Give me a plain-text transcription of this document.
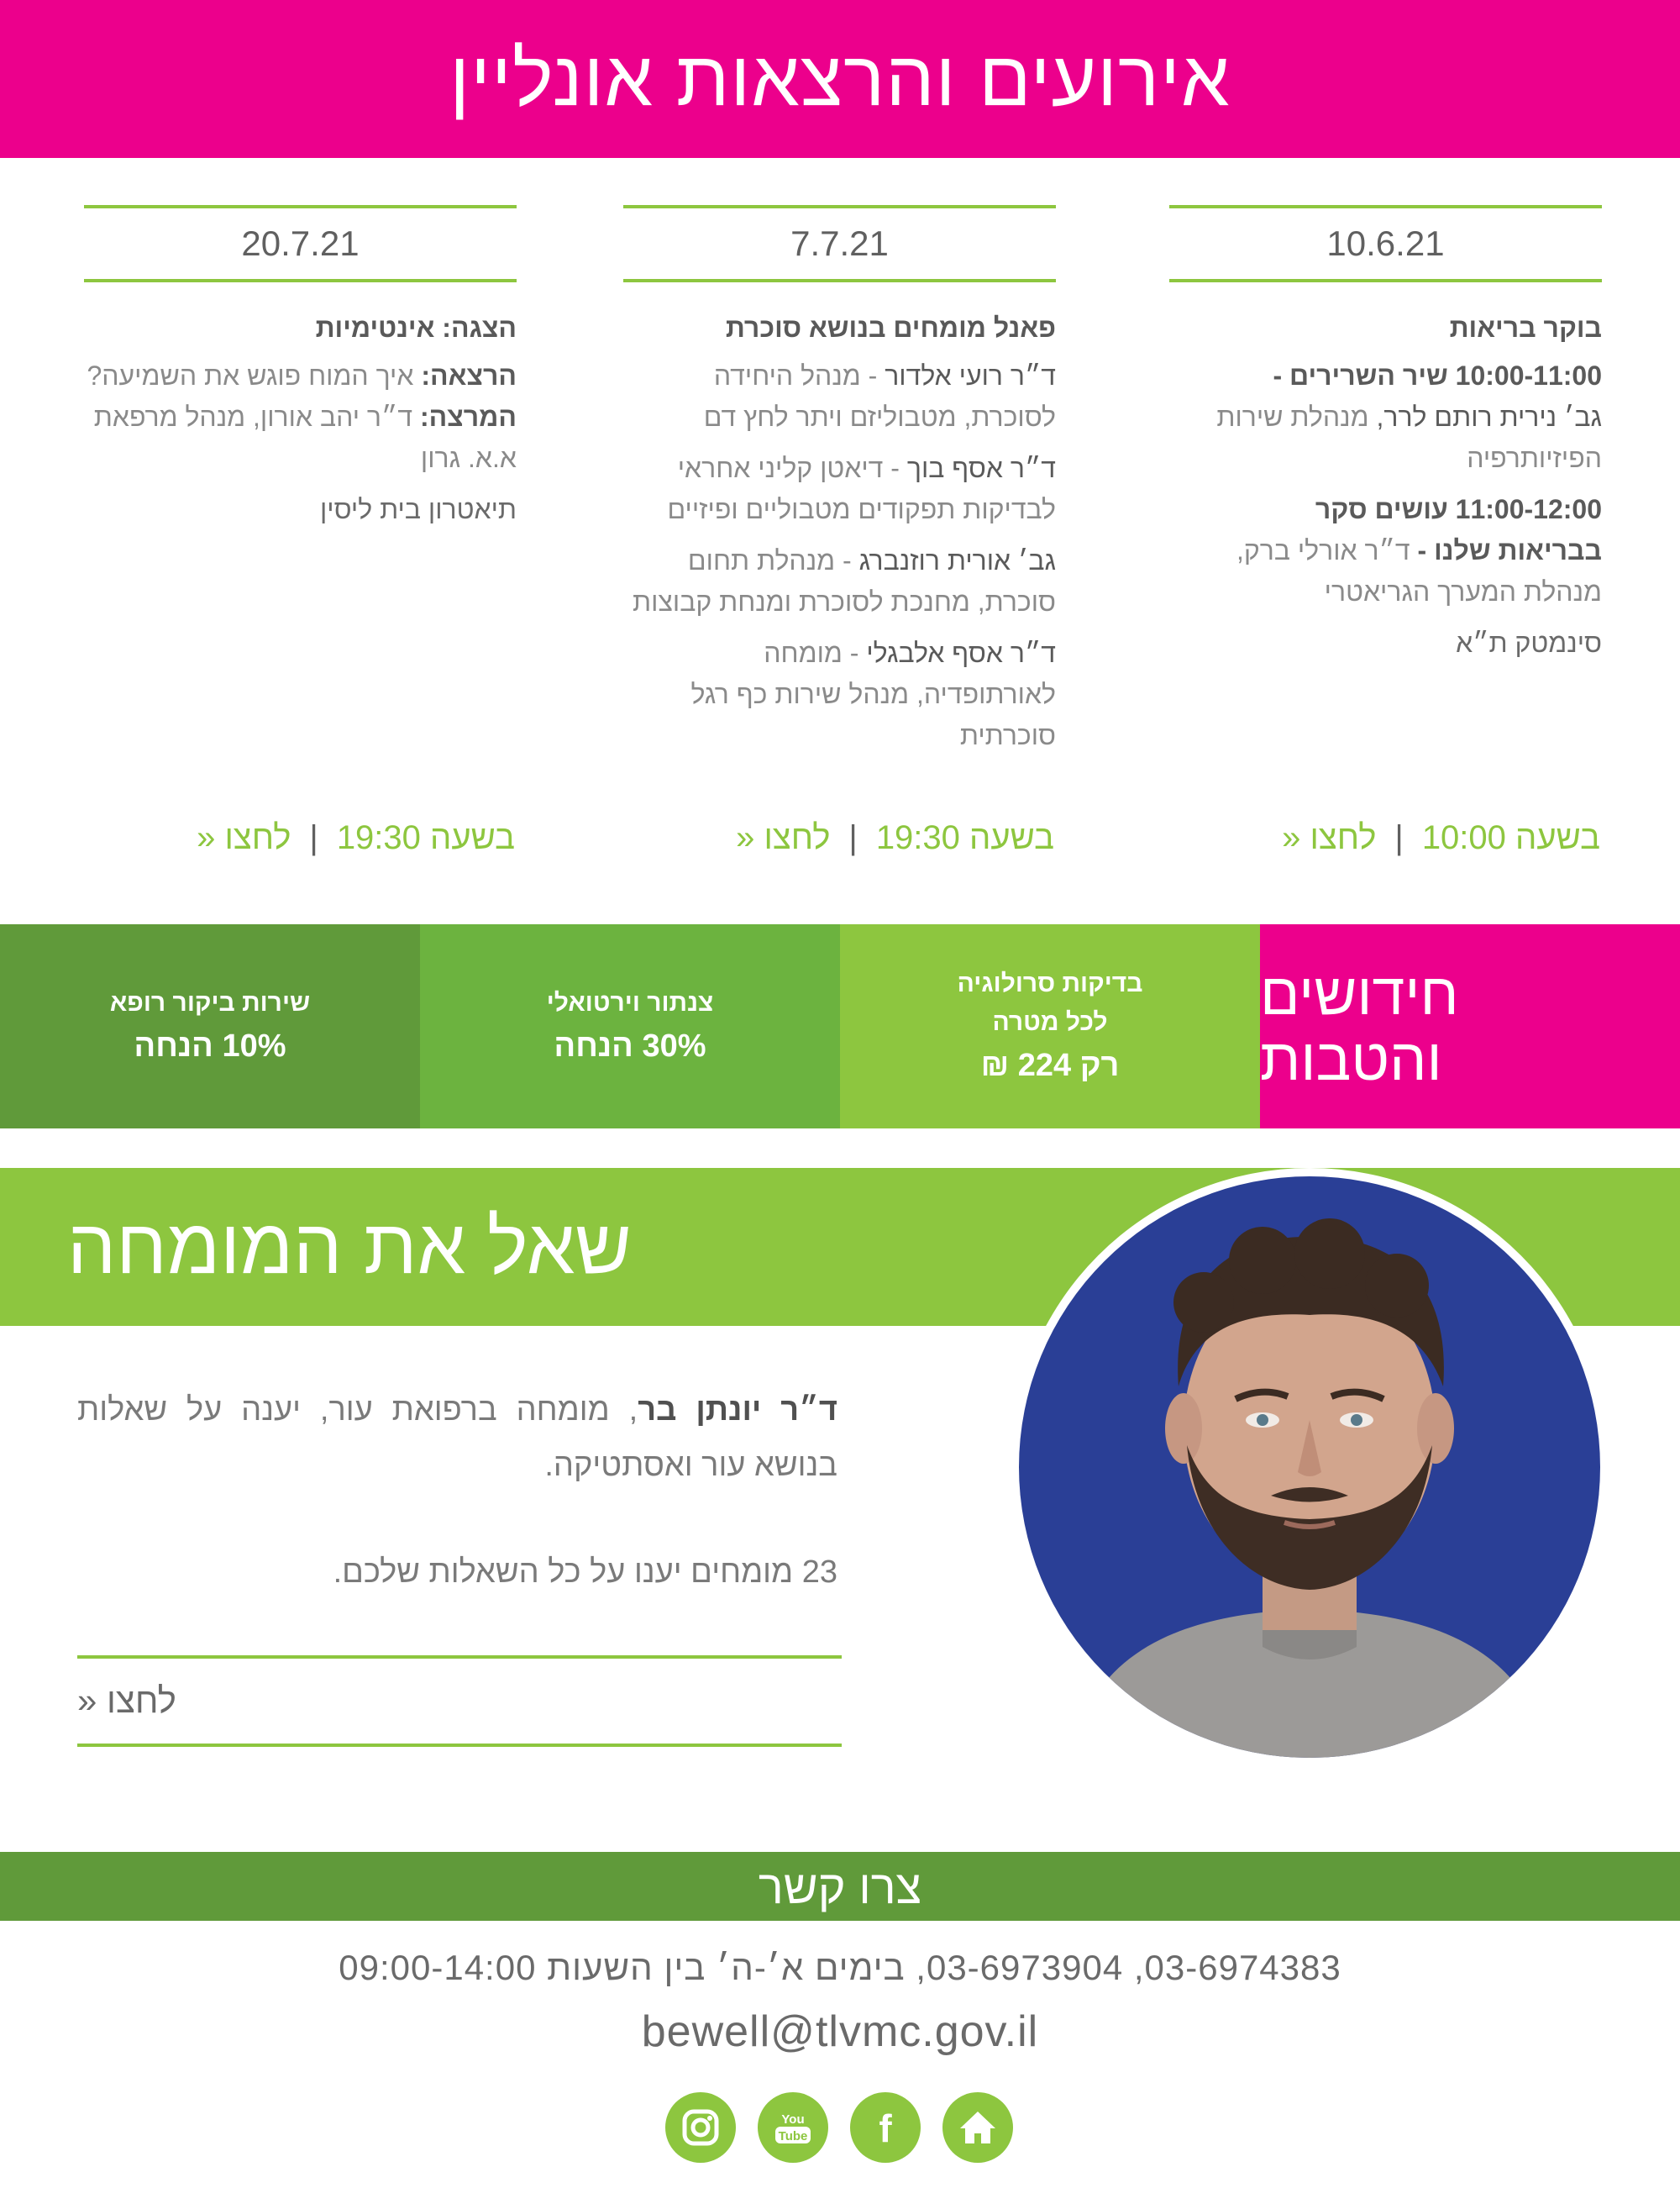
אירועים והרצאות אונליין
10.6.21
בוקר בריאות
10:00-11:00 שיר השרירים -
גב׳ נירית רותם לרר, מנהלת שירות הפיזיותרפיה
11:00-12:00 עושים סקר
בבריאות שלנו - ד״ר אורלי ברק, מנהלת המערך הגריאטרי
סינמטק ת״א
7.7.21
פאנל מומחים בנושא סוכרת
ד״ר רועי אלדור - מנהל היחידה לסוכרת, מטבוליזם ויתר לחץ דם
ד״ר אסף בוך - דיאטן קליני אחראי לבדיקות תפקודים מטבוליים ופיזיים
גב׳ אורית רוזנברג - מנהלת תחום סוכרת, מחנכת לסוכרת ומנחת קבוצות
ד״ר אסף אלבגלי - מומחה לאורתופדיה, מנהל שירות כף רגל סוכרתית
20.7.21
הצגה: אינטימיות
הרצאה: איך המוח פוגש את השמיעה?
המרצה: ד״ר יהב אורון, מנהל מרפאת א.א. גרון
תיאטרון בית ליסין
בשעה 10:00
|
לחצו «
בשעה 19:30
|
לחצו «
בשעה 19:30
|
לחצו «
חידושים
והטבות
בדיקות סרולוגיה
לכל מטרה
רק 224 ₪
צנתור וירטואלי
30% הנחה
שירות ביקור רופא
10% הנחה
שאל את המומחה
ד״ר יונתן בר, מומחה ברפואת עור, יענה על שאלות בנושא עור ואסתטיקה.
23 מומחים יענו על כל השאלות שלכם.
לחצו «
צרו קשר
03-6974383, 03-6973904, בימים א׳-ה׳ בין השעות 09:00-14:00
bewell@tlvmc.gov.il
You
Tube f
